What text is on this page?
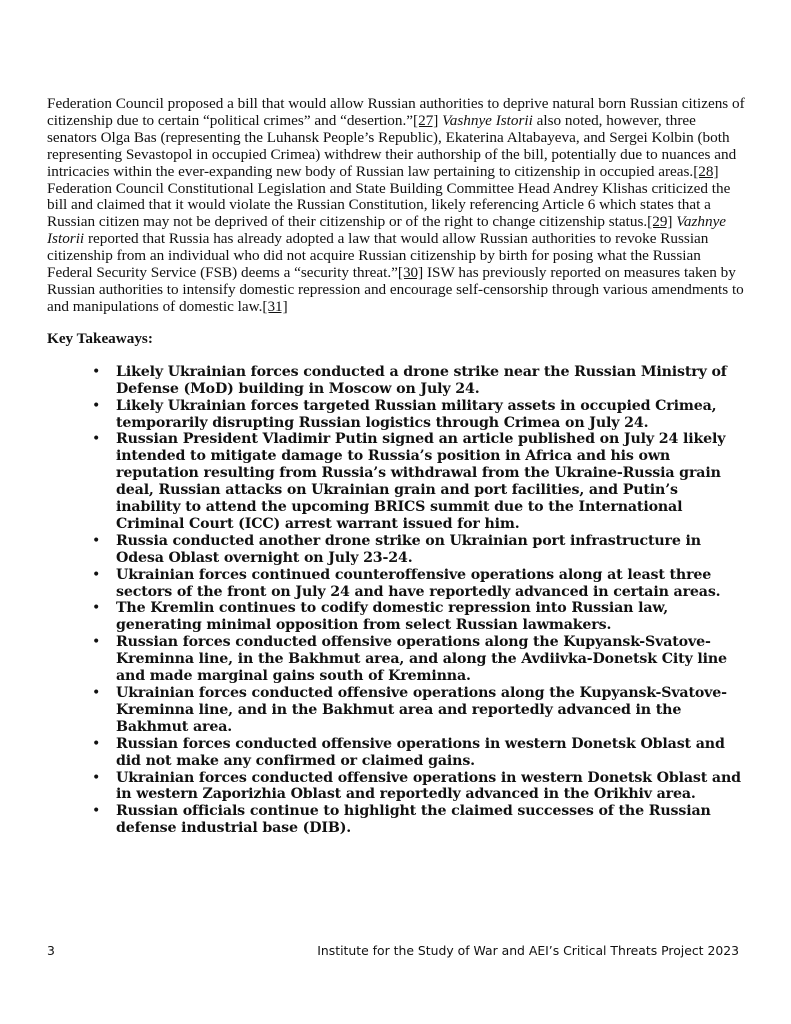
Federation Council proposed a bill that would allow Russian authorities to deprive natural born Russian citizens of citizenship due to certain “political crimes” and “desertion.”[27] Vashnye Istorii also noted, however, three senators Olga Bas (representing the Luhansk People’s Republic), Ekaterina Altabayeva, and Sergei Kolbin (both representing Sevastopol in occupied Crimea) withdrew their authorship of the bill, potentially due to nuances and intricacies within the ever-expanding new body of Russian law pertaining to citizenship in occupied areas.[28] Federation Council Constitutional Legislation and State Building Committee Head Andrey Klishas criticized the bill and claimed that it would violate the Russian Constitution, likely referencing Article 6 which states that a Russian citizen may not be deprived of their citizenship or of the right to change citizenship status.[29] Vazhnye Istorii reported that Russia has already adopted a law that would allow Russian authorities to revoke Russian citizenship from an individual who did not acquire Russian citizenship by birth for posing what the Russian Federal Security Service (FSB) deems a “security threat.”[30] ISW has previously reported on measures taken by Russian authorities to intensify domestic repression and encourage self-censorship through various amendments to and manipulations of domestic law.[31]

Key Takeaways:
• Likely Ukrainian forces conducted a drone strike near the Russian Ministry of Defense (MoD) building in Moscow on July 24.
• Likely Ukrainian forces targeted Russian military assets in occupied Crimea, temporarily disrupting Russian logistics through Crimea on July 24.
• Russian President Vladimir Putin signed an article published on July 24 likely intended to mitigate damage to Russia’s position in Africa and his own reputation resulting from Russia’s withdrawal from the Ukraine-Russia grain deal, Russian attacks on Ukrainian grain and port facilities, and Putin’s inability to attend the upcoming BRICS summit due to the International Criminal Court (ICC) arrest warrant issued for him.
• Russia conducted another drone strike on Ukrainian port infrastructure in Odesa Oblast overnight on July 23-24.
• Ukrainian forces continued counteroffensive operations along at least three sectors of the front on July 24 and have reportedly advanced in certain areas.
• The Kremlin continues to codify domestic repression into Russian law, generating minimal opposition from select Russian lawmakers.
• Russian forces conducted offensive operations along the Kupyansk-Svatove-Kreminna line, in the Bakhmut area, and along the Avdiivka-Donetsk City line and made marginal gains south of Kreminna.
• Ukrainian forces conducted offensive operations along the Kupyansk-Svatove-Kreminna line, and in the Bakhmut area and reportedly advanced in the Bakhmut area.
• Russian forces conducted offensive operations in western Donetsk Oblast and did not make any confirmed or claimed gains.
• Ukrainian forces conducted offensive operations in western Donetsk Oblast and in western Zaporizhia Oblast and reportedly advanced in the Orikhiv area.
• Russian officials continue to highlight the claimed successes of the Russian defense industrial base (DIB).
3	Institute for the Study of War and AEI’s Critical Threats Project 2023
